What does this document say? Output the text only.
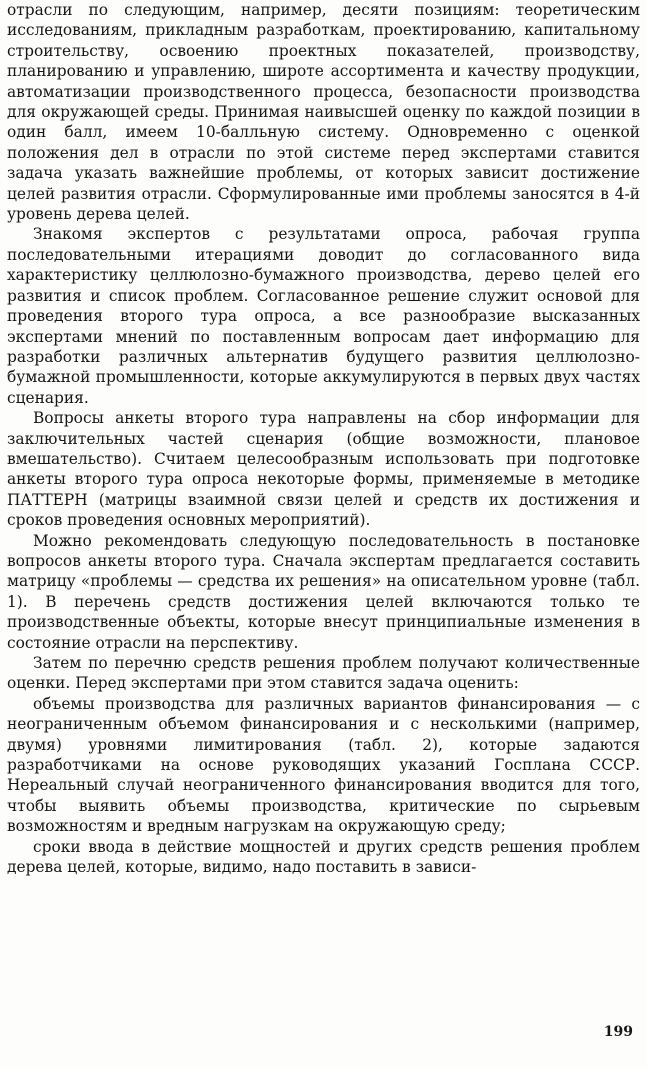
отрасли по следующим, например, десяти позициям: теоретическим исследованиям, прикладным разработкам, проектированию, капитальному строительству, освоению проектных показателей, производству, планированию и управлению, широте ассортимента и качеству продукции, автоматизации производственного процесса, безопасности производства для окружающей среды. Принимая наивысшей оценку по каждой позиции в один балл, имеем 10-балльную систему. Одновременно с оценкой положения дел в отрасли по этой системе перед экспертами ставится задача указать важнейшие проблемы, от которых зависит достижение целей развития отрасли. Сформулированные ими проблемы заносятся в 4-й уровень дерева целей.

Знакомя экспертов с результатами опроса, рабочая группа последовательными итерациями доводит до согласованного вида характеристику целлюлозно-бумажного производства, дерево целей его развития и список проблем. Согласованное решение служит основой для проведения второго тура опроса, а все разнообразие высказанных экспертами мнений по поставленным вопросам дает информацию для разработки различных альтернатив будущего развития целлюлозно-бумажной промышленности, которые аккумулируются в первых двух частях сценария.

Вопросы анкеты второго тура направлены на сбор информации для заключительных частей сценария (общие возможности, плановое вмешательство). Считаем целесообразным использовать при подготовке анкеты второго тура опроса некоторые формы, применяемые в методике ПАТТЕРН (матрицы взаимной связи целей и средств их достижения и сроков проведения основных мероприятий).

Можно рекомендовать следующую последовательность в постановке вопросов анкеты второго тура. Сначала экспертам предлагается составить матрицу «проблемы — средства их решения» на описательном уровне (табл. 1). В перечень средств достижения целей включаются только те производственные объекты, которые внесут принципиальные изменения в состояние отрасли на перспективу.

Затем по перечню средств решения проблем получают количественные оценки. Перед экспертами при этом ставится задача оценить:

объемы производства для различных вариантов финансирования — с неограниченным объемом финансирования и с несколькими (например, двумя) уровнями лимитирования (табл. 2), которые задаются разработчиками на основе руководящих указаний Госплана СССР. Нереальный случай неограниченного финансирования вводится для того, чтобы выявить объемы производства, критические по сырьевым возможностям и вредным нагрузкам на окружающую среду;

сроки ввода в действие мощностей и других средств решения проблем дерева целей, которые, видимо, надо поставить в зависи-

199
